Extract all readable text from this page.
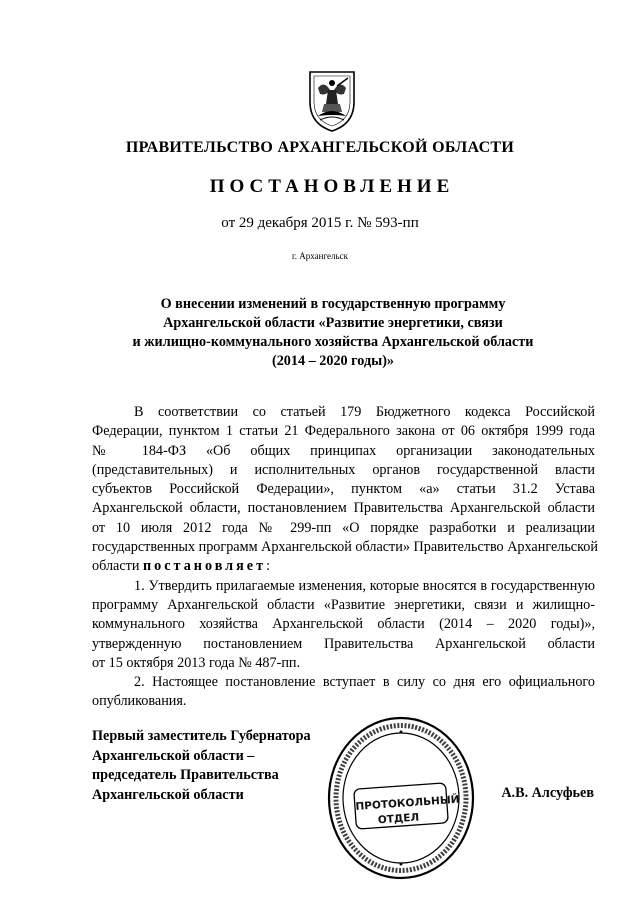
ПРАВИТЕЛЬСТВО АРХАНГЕЛЬСКОЙ ОБЛАСТИ
ПОСТАНОВЛЕНИЕ
от 29 декабря 2015 г. № 593-пп
г. Архангельск
О внесении изменений в государственную программу
Архангельской области «Развитие энергетики, связи
и жилищно-коммунального хозяйства Архангельской области
(2014 – 2020 годы)»
В соответствии со статьей 179 Бюджетного кодекса Российской
Федерации, пунктом 1 статьи 21 Федерального закона от 06 октября 1999 года
№ 184-ФЗ «Об общих принципах организации законодательных
(представительных) и исполнительных органов государственной власти
субъектов Российской Федерации», пунктом «а» статьи 31.2 Устава
Архангельской области, постановлением Правительства Архангельской области
от 10 июля 2012 года № 299-пп «О порядке разработки и реализации
государственных программ Архангельской области» Правительство Архангельской
области постановляет:
1. Утвердить прилагаемые изменения, которые вносятся в государственную
программу Архангельской области «Развитие энергетики, связи и жилищно-
коммунального хозяйства Архангельской области (2014 – 2020 годы)»,
утвержденную постановлением Правительства Архангельской области
от 15 октября 2013 года № 487-пп.
2. Настоящее постановление вступает в силу со дня его официального
опубликования.
Первый заместитель Губернатора
Архангельской области –
председатель Правительства
Архангельской области	ПРОТОКОЛЬНЫЙ
ОТДЕЛ
А.В. Алсуфьев
